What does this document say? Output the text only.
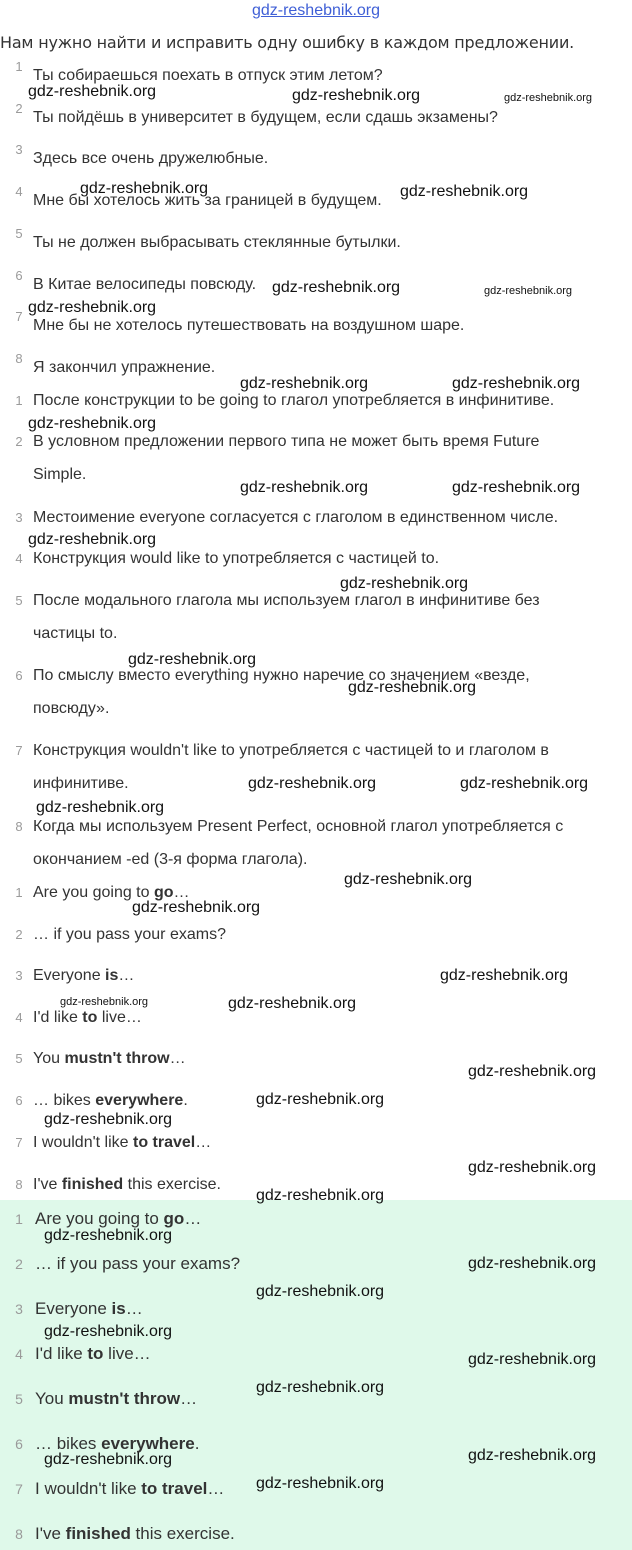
gdz-reshebnik.org
Нам нужно найти и исправить одну ошибку в каждом предложении.
1
Ты собираешься поехать в отпуск этим летом?
2
Ты пойдёшь в университет в будущем, если сдашь экзамены?
3
Здесь все очень дружелюбные.
4
Мне бы хотелось жить за границей в будущем.
5
Ты не должен выбрасывать стеклянные бутылки.
6
В Китае велосипеды повсюду.
7
Мне бы не хотелось путешествовать на воздушном шаре.
8
Я закончил упражнение.
1 После конструкции to be going to глагол употребляется в инфинитиве.
2 В условном предложении первого типа не может быть время Future
Simple.
3 Местоимение everyone согласуется с глаголом в единственном числе.
4 Конструкция would like to употребляется с частицей to.
5 После модального глагола мы используем глагол в инфинитиве без
частицы to.
6 По смыслу вместо everything нужно наречие со значением «везде,
повсюду».
7 Конструкция wouldn't like to употребляется с частицей to и глаголом в
инфинитиве.
8 Когда мы используем Present Perfect, основной глагол употребляется с
окончанием -ed (3-я форма глагола).
1 Are you going to go…
2 … if you pass your exams?
3 Everyone is…
4 I'd like to live…
5 You mustn't throw…
6 … bikes everywhere.
7 I wouldn't like to travel…
8 I've finished this exercise.
1 Are you going to go…
2 … if you pass your exams?
3 Everyone is…
4 I'd like to live…
5 You mustn't throw…
6 … bikes everywhere.
7 I wouldn't like to travel…
8 I've finished this exercise.
gdz-reshebnik.org	gdz-reshebnik.org	gdz-reshebnik.org
gdz-reshebnik.org	gdz-reshebnik.org
gdz-reshebnik.org	gdz-reshebnik.org
gdz-reshebnik.org
gdz-reshebnik.org	gdz-reshebnik.org
gdz-reshebnik.org
gdz-reshebnik.org	gdz-reshebnik.org
gdz-reshebnik.org
gdz-reshebnik.org
gdz-reshebnik.org
gdz-reshebnik.org
gdz-reshebnik.org	gdz-reshebnik.org
gdz-reshebnik.org
gdz-reshebnik.org
gdz-reshebnik.org
gdz-reshebnik.org
gdz-reshebnik.org	gdz-reshebnik.org
gdz-reshebnik.org
gdz-reshebnik.org
gdz-reshebnik.org
gdz-reshebnik.org
gdz-reshebnik.org
gdz-reshebnik.org
gdz-reshebnik.org
gdz-reshebnik.org
gdz-reshebnik.org
gdz-reshebnik.org
gdz-reshebnik.org
gdz-reshebnik.org
gdz-reshebnik.org
gdz-reshebnik.org
